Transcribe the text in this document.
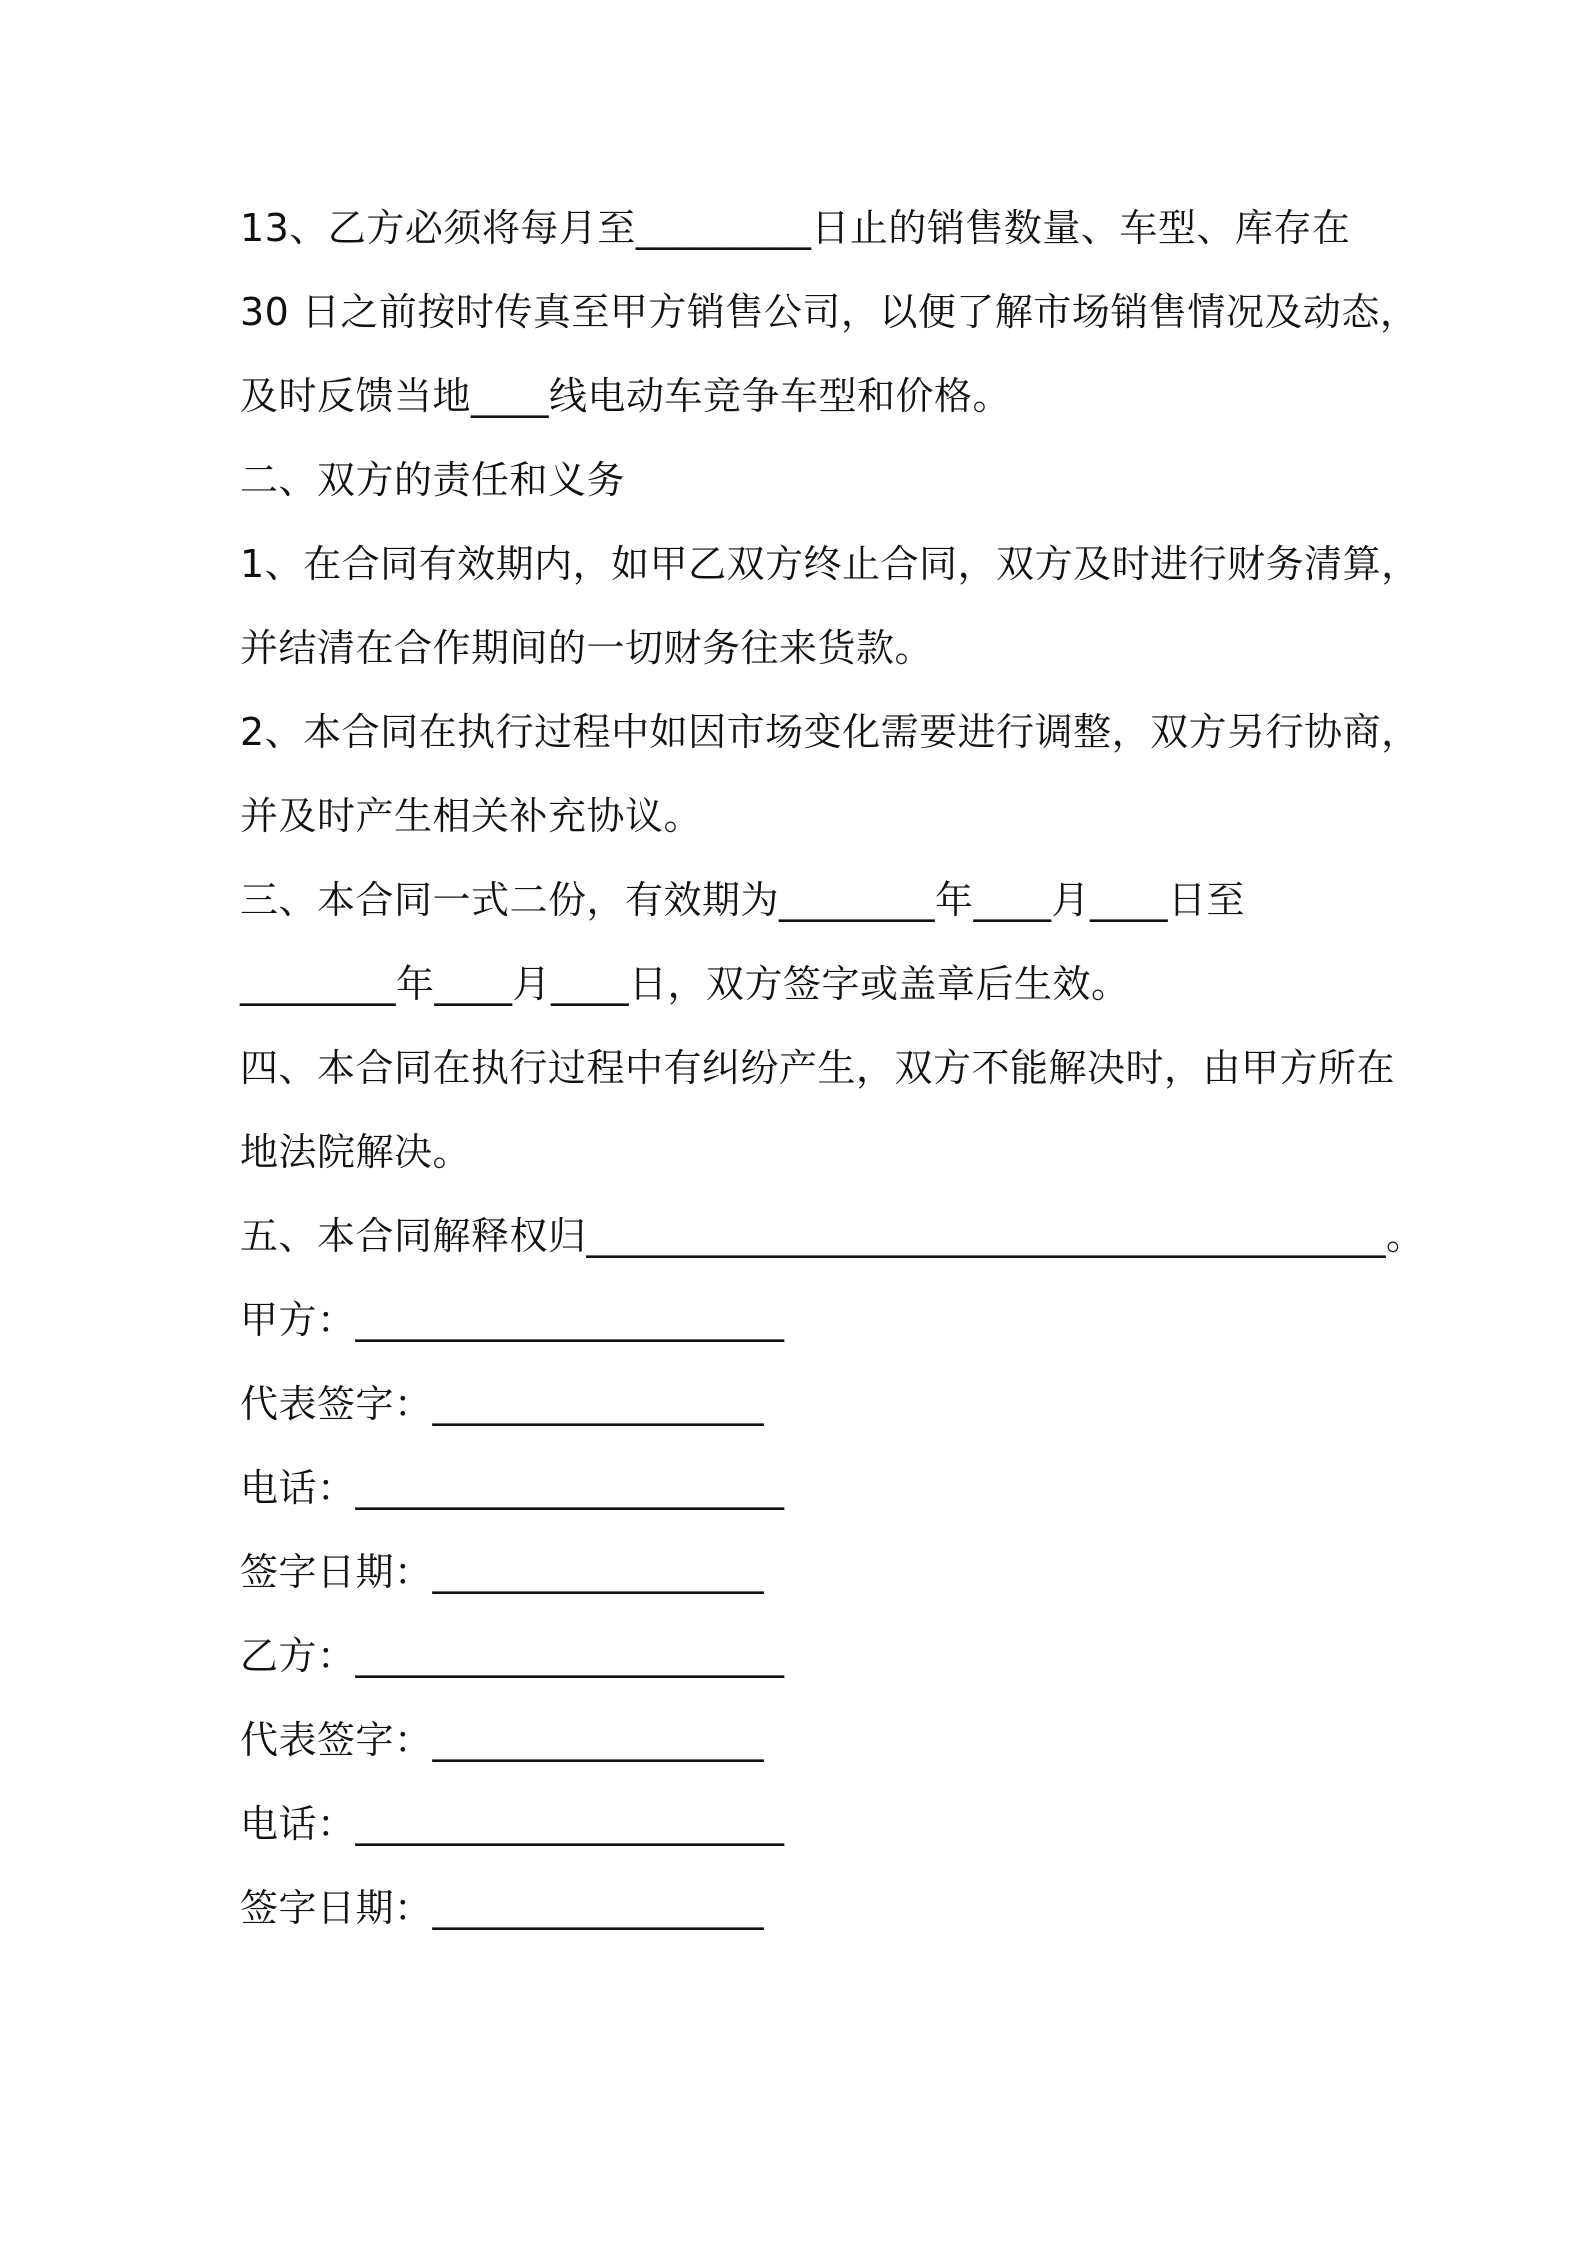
13、乙方必须将每月至_________日止的销售数量、车型、库存在
30 日之前按时传真至甲方销售公司，以便了解市场销售情况及动态，
及时反馈当地____线电动车竞争车型和价格。
二、双方的责任和义务
1、在合同有效期内，如甲乙双方终止合同，双方及时进行财务清算，
并结清在合作期间的一切财务往来货款。
2、本合同在执行过程中如因市场变化需要进行调整，双方另行协商，
并及时产生相关补充协议。
三、本合同一式二份，有效期为________年____月____日至
________年____月____日，双方签字或盖章后生效。
四、本合同在执行过程中有纠纷产生，双方不能解决时，由甲方所在
地法院解决。
五、本合同解释权归_________________________________________。
甲方：______________________
代表签字：_________________
电话：______________________
签字日期：_________________
乙方：______________________
代表签字：_________________
电话：______________________
签字日期：_________________
